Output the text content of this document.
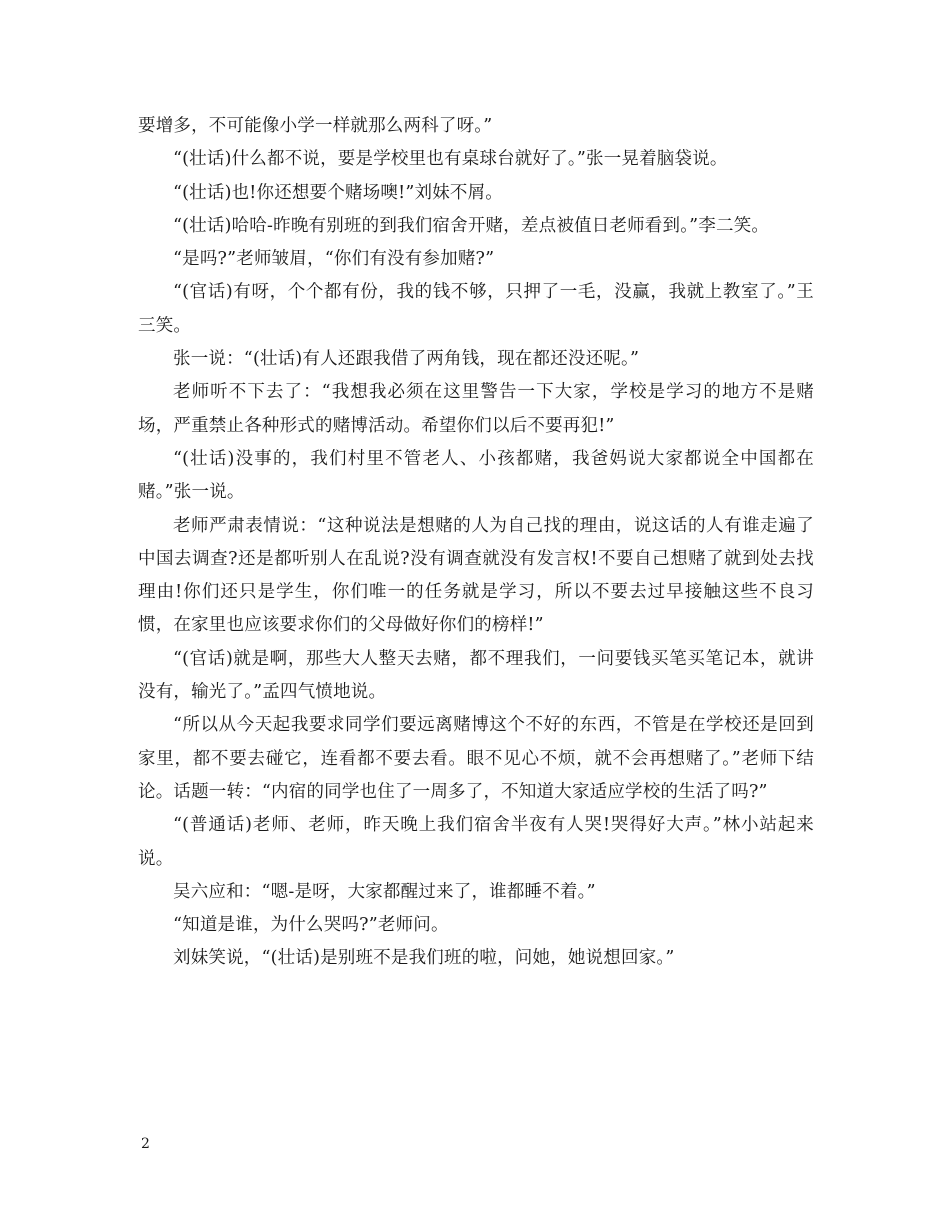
要增多，不可能像小学一样就那么两科了呀。”

“(壮话)什么都不说，要是学校里也有桌球台就好了。”张一晃着脑袋说。

“(壮话)也!你还想要个赌场噢!”刘妹不屑。

“(壮话)哈哈-昨晚有别班的到我们宿舍开赌，差点被值日老师看到。”李二笑。

“是吗?”老师皱眉，“你们有没有参加赌?”

“(官话)有呀，个个都有份，我的钱不够，只押了一毛，没赢，我就上教室了。”王三笑。

张一说：“(壮话)有人还跟我借了两角钱，现在都还没还呢。”

老师听不下去了：“我想我必须在这里警告一下大家，学校是学习的地方不是赌场，严重禁止各种形式的赌博活动。希望你们以后不要再犯!”

“(壮话)没事的，我们村里不管老人、小孩都赌，我爸妈说大家都说全中国都在赌。”张一说。

老师严肃表情说：“这种说法是想赌的人为自己找的理由，说这话的人有谁走遍了中国去调查?还是都听别人在乱说?没有调查就没有发言权!不要自己想赌了就到处去找理由!你们还只是学生，你们唯一的任务就是学习，所以不要去过早接触这些不良习惯，在家里也应该要求你们的父母做好你们的榜样!”

“(官话)就是啊，那些大人整天去赌，都不理我们，一问要钱买笔买笔记本，就讲没有，输光了。”孟四气愤地说。

“所以从今天起我要求同学们要远离赌博这个不好的东西，不管是在学校还是回到家里，都不要去碰它，连看都不要去看。眼不见心不烦，就不会再想赌了。”老师下结论。话题一转：“内宿的同学也住了一周多了，不知道大家适应学校的生活了吗?”

“(普通话)老师、老师，昨天晚上我们宿舍半夜有人哭!哭得好大声。”林小站起来说。

吴六应和：“嗯-是呀，大家都醒过来了，谁都睡不着。”

“知道是谁，为什么哭吗?”老师问。

刘妹笑说，“(壮话)是别班不是我们班的啦，问她，她说想回家。”

2
